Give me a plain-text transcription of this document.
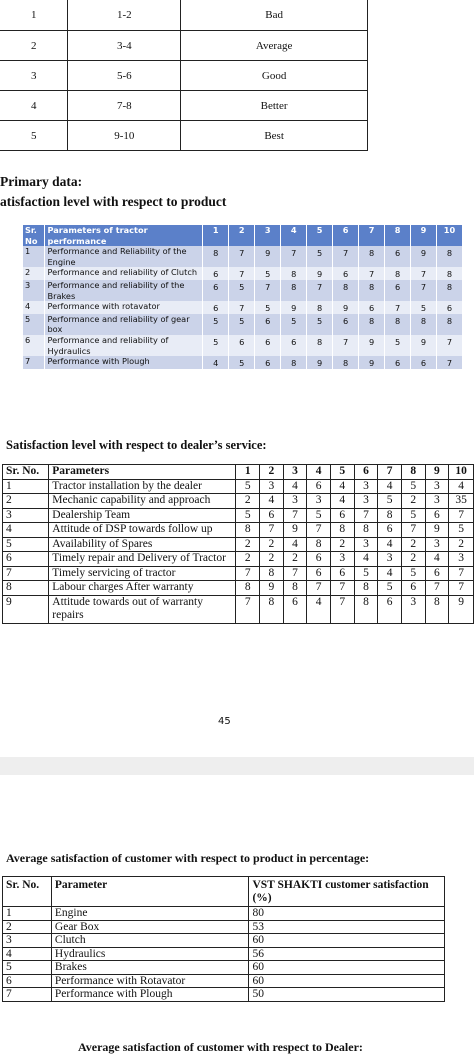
1	1-2	Bad
2	3-4	Average
3	5-6	Good
4	7-8	Better
5	9-10	Best
Primary data:
atisfaction level with respect to product
Sr. No	Parameters of tractor performance	1	2	3	4	5	6	7	8	9	10
1	Performance and Reliability of the Engine	8	7	9	7	5	7	8	6	9	8
2	Performance and reliability of Clutch	6	7	5	8	9	6	7	8	7	8
3	Performance and reliability of the Brakes	6	5	7	8	7	8	8	6	7	8
4	Performance with rotavator	6	7	5	9	8	9	6	7	5	6
5	Performance and reliability of gear box	5	5	6	5	5	6	8	8	8	8
6	Performance and reliability of Hydraulics	5	6	6	6	8	7	9	5	9	7
7	Performance with Plough	4	5	6	8	9	8	9	6	6	7
Satisfaction level with respect to dealer’s service:
Sr. No.	Parameters	1	2	3	4	5	6	7	8	9	10
1	Tractor installation by the dealer	5	3	4	6	4	3	4	5	3	4
2	Mechanic capability and approach	2	4	3	3	4	3	5	2	3	35
3	Dealership Team	5	6	7	5	6	7	8	5	6	7
4	Attitude of DSP towards follow up	8	7	9	7	8	8	6	7	9	5
5	Availability of Spares	2	2	4	8	2	3	4	2	3	2
6	Timely repair and Delivery of Tractor	2	2	2	6	3	4	3	2	4	3
7	Timely servicing of tractor	7	8	7	6	6	5	4	5	6	7
8	Labour charges After warranty	8	9	8	7	7	8	5	6	7	7
9	Attitude towards out of warranty repairs	7	8	6	4	7	8	6	3	8	9
45
Average satisfaction of customer with respect to product in percentage:
Sr. No.	Parameter	VST SHAKTI customer satisfaction (%)
1	Engine	80
2	Gear Box	53
3	Clutch	60
4	Hydraulics	56
5	Brakes	60
6	Performance with Rotavator	60
7	Performance with Plough	50
Average satisfaction of customer with respect to Dealer:
